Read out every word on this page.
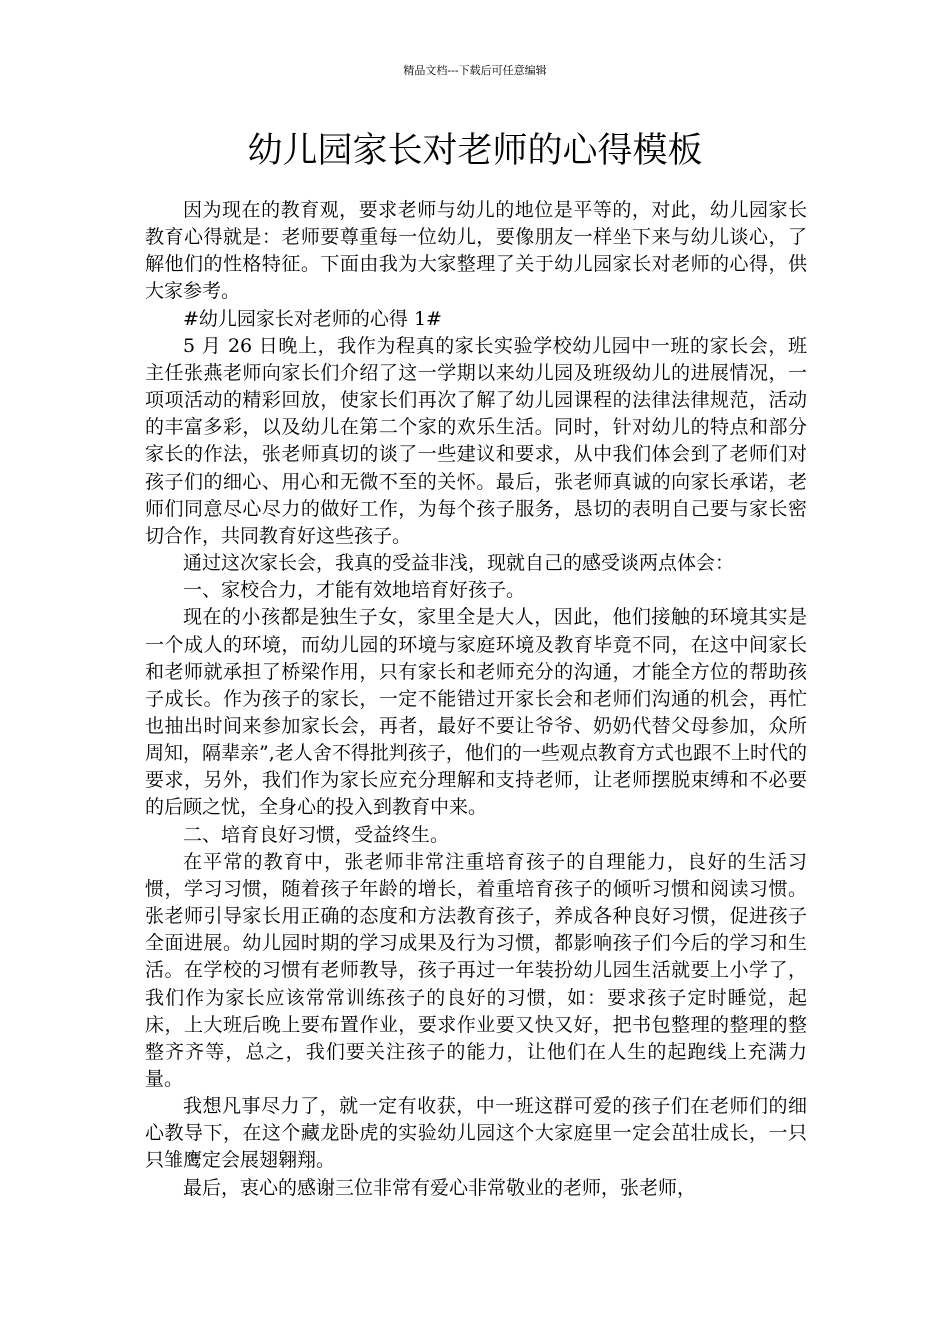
精品文档---下载后可任意编辑
幼儿园家长对老师的心得模板

因为现在的教育观，要求老师与幼儿的地位是平等的，对此，幼儿园家长教育心得就是：老师要尊重每一位幼儿，要像朋友一样坐下来与幼儿谈心，了解他们的性格特征。下面由我为大家整理了关于幼儿园家长对老师的心得，供大家参考。

#幼儿园家长对老师的心得 1#

5 月 26 日晚上，我作为程真的家长实验学校幼儿园中一班的家长会，班主任张燕老师向家长们介绍了这一学期以来幼儿园及班级幼儿的进展情况，一项项活动的精彩回放，使家长们再次了解了幼儿园课程的法律法律规范，活动的丰富多彩，以及幼儿在第二个家的欢乐生活。同时，针对幼儿的特点和部分家长的作法，张老师真切的谈了一些建议和要求，从中我们体会到了老师们对孩子们的细心、用心和无微不至的关怀。最后，张老师真诚的向家长承诺，老师们同意尽心尽力的做好工作，为每个孩子服务，恳切的表明自己要与家长密切合作，共同教育好这些孩子。

通过这次家长会，我真的受益非浅，现就自己的感受谈两点体会：

一、家校合力，才能有效地培育好孩子。

现在的小孩都是独生子女，家里全是大人，因此，他们接触的环境其实是一个成人的环境，而幼儿园的环境与家庭环境及教育毕竟不同，在这中间家长和老师就承担了桥梁作用，只有家长和老师充分的沟通，才能全方位的帮助孩子成长。作为孩子的家长，一定不能错过开家长会和老师们沟通的机会，再忙也抽出时间来参加家长会，再者，最好不要让爷爷、奶奶代替父母参加，众所周知，隔辈亲”,老人舍不得批判孩子，他们的一些观点教育方式也跟不上时代的要求，另外，我们作为家长应充分理解和支持老师，让老师摆脱束缚和不必要的后顾之忧，全身心的投入到教育中来。

二、培育良好习惯，受益终生。

在平常的教育中，张老师非常注重培育孩子的自理能力，良好的生活习惯，学习习惯，随着孩子年龄的增长，着重培育孩子的倾听习惯和阅读习惯。张老师引导家长用正确的态度和方法教育孩子，养成各种良好习惯，促进孩子全面进展。幼儿园时期的学习成果及行为习惯，都影响孩子们今后的学习和生活。在学校的习惯有老师教导，孩子再过一年装扮幼儿园生活就要上小学了，我们作为家长应该常常训练孩子的良好的习惯，如：要求孩子定时睡觉，起床，上大班后晚上要布置作业，要求作业要又快又好，把书包整理的整理的整整齐齐等，总之，我们要关注孩子的能力，让他们在人生的起跑线上充满力量。

我想凡事尽力了，就一定有收获，中一班这群可爱的孩子们在老师们的细心教导下，在这个藏龙卧虎的实验幼儿园这个大家庭里一定会茁壮成长，一只只雏鹰定会展翅翱翔。

最后，衷心的感谢三位非常有爱心非常敬业的老师，张老师，
